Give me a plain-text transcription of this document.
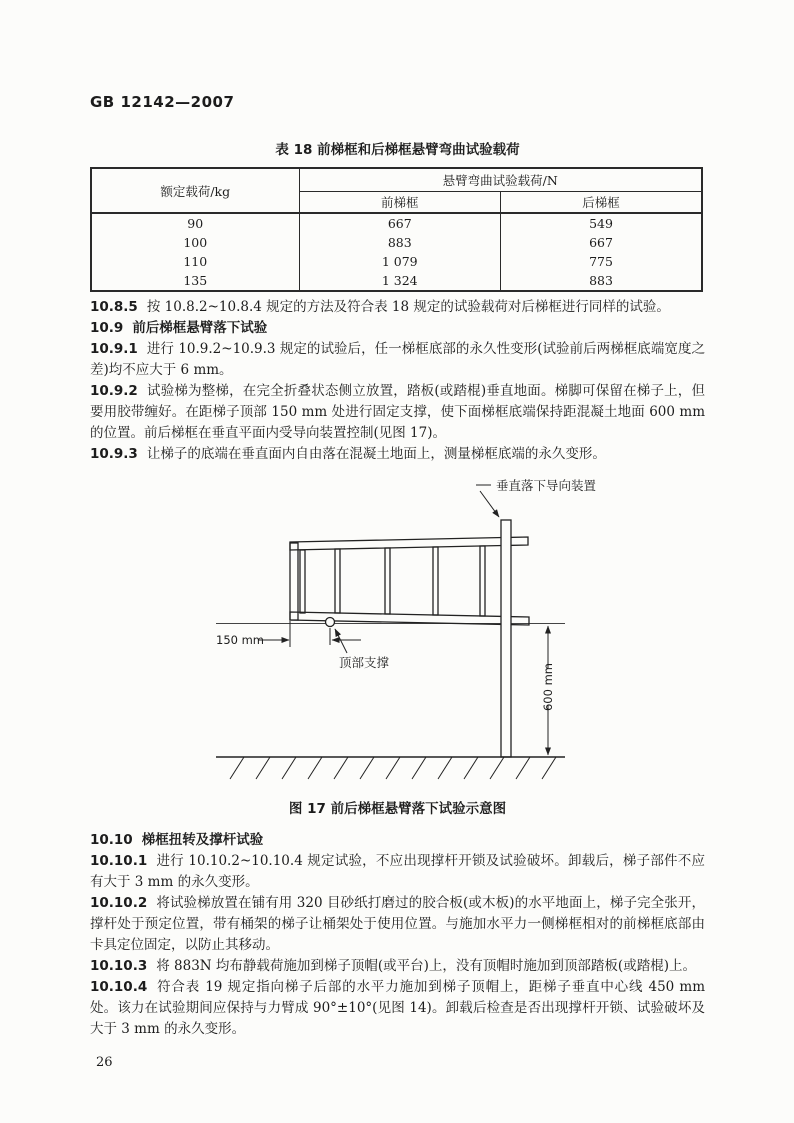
GB 12142—2007
表 18 前梯框和后梯框悬臂弯曲试验载荷
额定载荷/kg	悬臂弯曲试验载荷/N	
	前梯框	后梯框
90	667	549
100	883	667
110	1 079	775
135	1 324	883

10.8.5 按 10.8.2~10.8.4 规定的方法及符合表 18 规定的试验载荷对后梯框进行同样的试验。

10.9 前后梯框悬臂落下试验

10.9.1 进行 10.9.2~10.9.3 规定的试验后，任一梯框底部的永久性变形(试验前后两梯框底端宽度之差)均不应大于 6 mm。

10.9.2 试验梯为整梯，在完全折叠状态侧立放置，踏板(或踏棍)垂直地面。梯脚可保留在梯子上，但要用胶带缠好。在距梯子顶部 150 mm 处进行固定支撑，使下面梯框底端保持距混凝土地面 600 mm 的位置。前后梯框在垂直平面内受导向装置控制(见图 17)。

10.9.3 让梯子的底端在垂直面内自由落在混凝土地面上，测量梯框底端的永久变形。

垂直落下导向装置
150 mm
顶部支撑
600 mm
图 17 前后梯框悬臂落下试验示意图

10.10 梯框扭转及撑杆试验

10.10.1 进行 10.10.2~10.10.4 规定试验，不应出现撑杆开锁及试验破坏。卸载后，梯子部件不应有大于 3 mm 的永久变形。

10.10.2 将试验梯放置在铺有用 320 目砂纸打磨过的胶合板(或木板)的水平地面上，梯子完全张开，撑杆处于预定位置，带有桶架的梯子让桶架处于使用位置。与施加水平力一侧梯框相对的前梯框底部由卡具定位固定，以防止其移动。

10.10.3 将 883N 均布静载荷施加到梯子顶帽(或平台)上，没有顶帽时施加到顶部踏板(或踏棍)上。

10.10.4 符合表 19 规定指向梯子后部的水平力施加到梯子顶帽上，距梯子垂直中心线 450 mm 处。该力在试验期间应保持与力臂成 90°±10°(见图 14)。卸载后检查是否出现撑杆开锁、试验破坏及大于 3 mm 的永久变形。

26
